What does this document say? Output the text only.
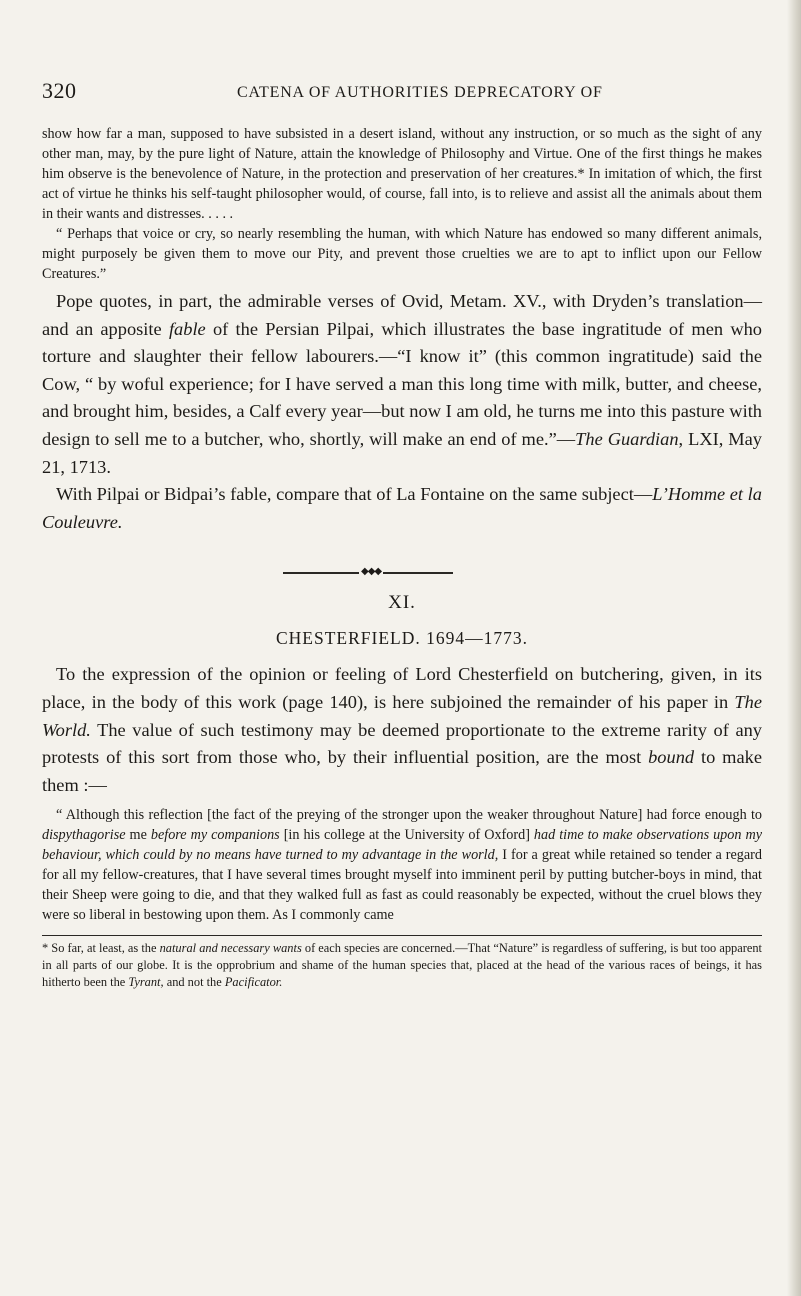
320	CATENA OF AUTHORITIES DEPRECATORY OF

show how far a man, supposed to have subsisted in a desert island, without any instruction, or so much as the sight of any other man, may, by the pure light of Nature, attain the knowledge of Philosophy and Virtue. One of the first things he makes him observe is the benevolence of Nature, in the protection and preservation of her creatures.* In imitation of which, the first act of virtue he thinks his self-taught philosopher would, of course, fall into, is to relieve and assist all the animals about them in their wants and distresses. . . . .

“ Perhaps that voice or cry, so nearly resembling the human, with which Nature has endowed so many different animals, might purposely be given them to move our Pity, and prevent those cruelties we are to apt to inflict upon our Fellow Creatures.”

Pope quotes, in part, the admirable verses of Ovid, Metam. XV., with Dryden’s translation—and an apposite fable of the Persian Pilpai, which illustrates the base ingratitude of men who torture and slaughter their fellow labourers.—“I know it” (this common ingratitude) said the Cow, “ by woful experience; for I have served a man this long time with milk, butter, and cheese, and brought him, besides, a Calf every year—but now I am old, he turns me into this pasture with design to sell me to a butcher, who, shortly, will make an end of me.”—The Guardian, LXI, May 21, 1713.

With Pilpai or Bidpai’s fable, compare that of La Fontaine on the same subject—L’Homme et la Couleuvre.

◆◆◆
XI.
CHESTERFIELD. 1694—1773.

To the expression of the opinion or feeling of Lord Chesterfield on butchering, given, in its place, in the body of this work (page 140), is here subjoined the remainder of his paper in The World. The value of such testimony may be deemed proportionate to the extreme rarity of any protests of this sort from those who, by their influential position, are the most bound to make them :—

“ Although this reflection [the fact of the preying of the stronger upon the weaker throughout Nature] had force enough to dispythagorise me before my companions [in his college at the University of Oxford] had time to make observations upon my behaviour, which could by no means have turned to my advantage in the world, I for a great while retained so tender a regard for all my fellow-creatures, that I have several times brought myself into imminent peril by putting butcher-boys in mind, that their Sheep were going to die, and that they walked full as fast as could reasonably be expected, without the cruel blows they were so liberal in bestowing upon them. As I commonly came

* So far, at least, as the natural and necessary wants of each species are concerned.—That “Nature” is regardless of suffering, is but too apparent in all parts of our globe. It is the opprobrium and shame of the human species that, placed at the head of the various races of beings, it has hitherto been the Tyrant, and not the Pacificator.
